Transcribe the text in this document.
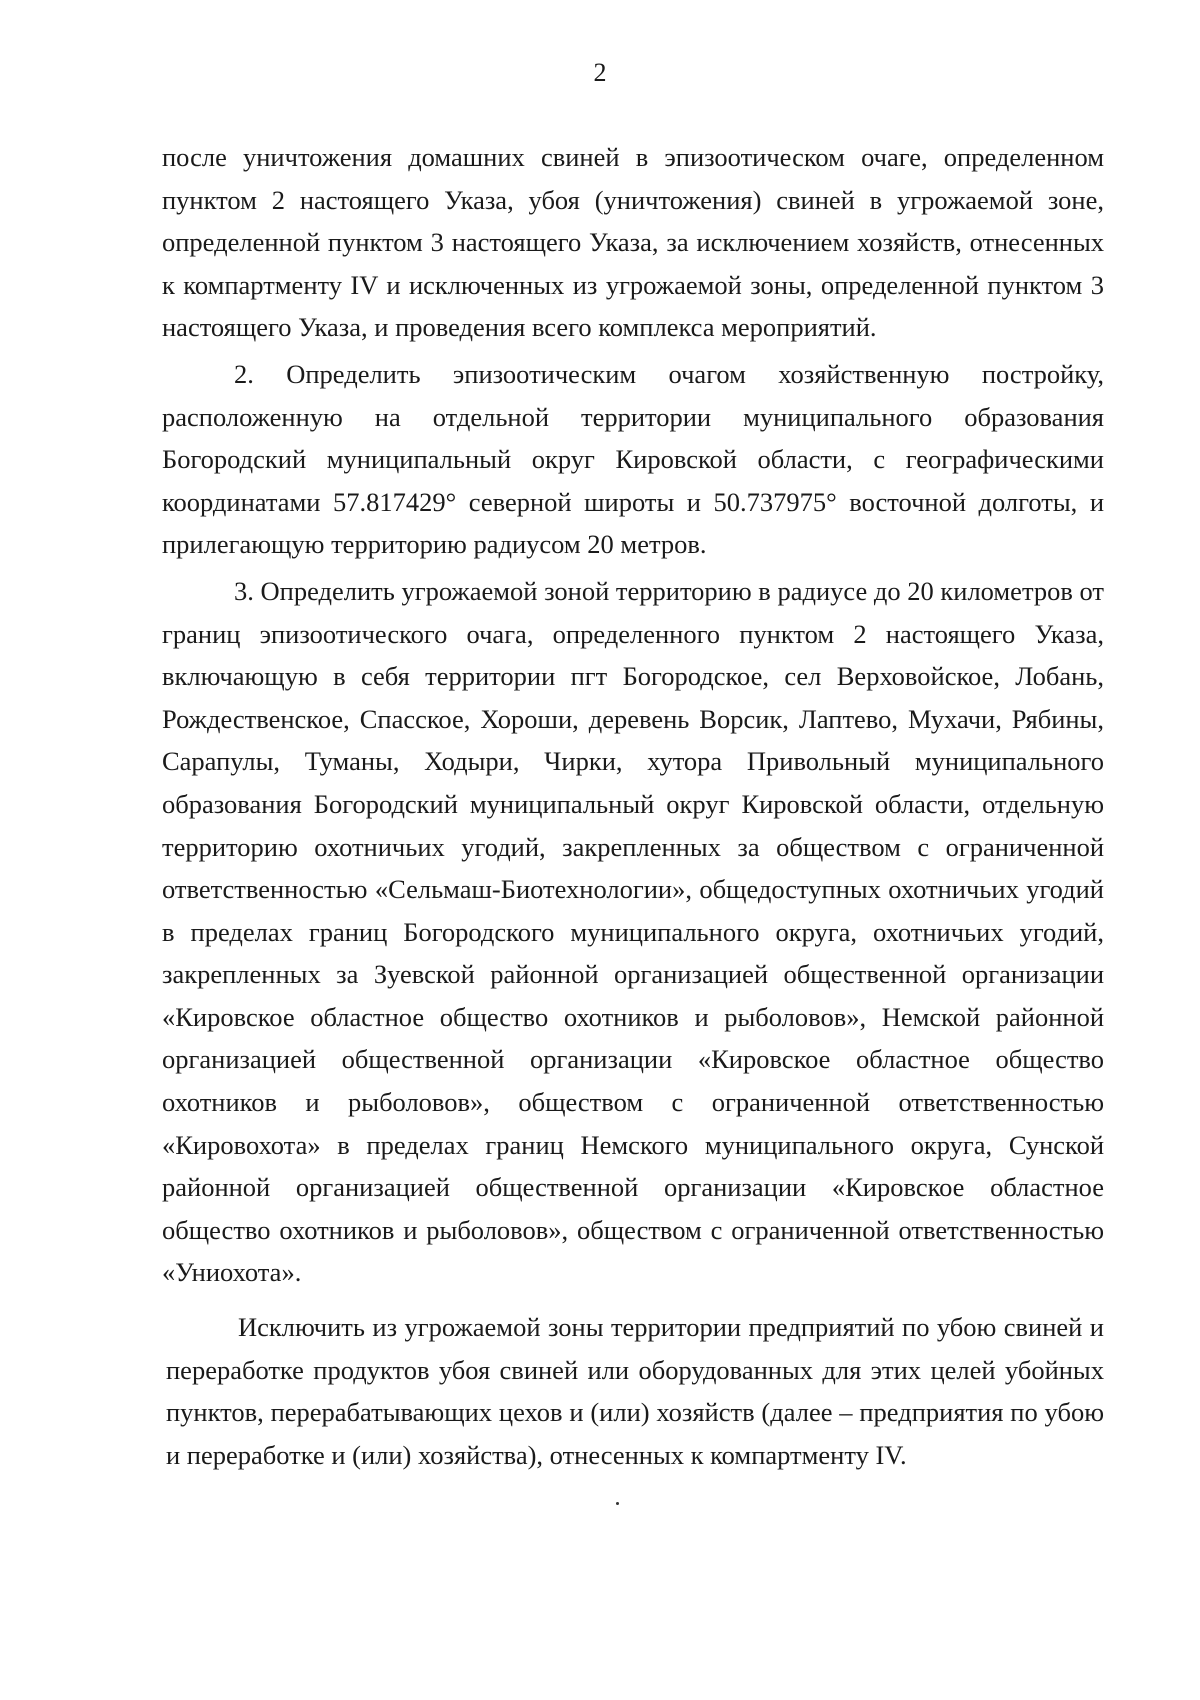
2

после уничтожения домашних свиней в эпизоотическом очаге, определенном пунктом 2 настоящего Указа, убоя (уничтожения) свиней в угрожаемой зоне, определенной пунктом 3 настоящего Указа, за исключением хозяйств, отнесенных к компартменту IV и исключенных из угрожаемой зоны, определенной пунктом 3 настоящего Указа, и проведения всего комплекса мероприятий.

2. Определить эпизоотическим очагом хозяйственную постройку, расположенную на отдельной территории муниципального образования Богородский муниципальный округ Кировской области, с географическими координатами 57.817429° северной широты и 50.737975° восточной долготы, и прилегающую территорию радиусом 20 метров.

3. Определить угрожаемой зоной территорию в радиусе до 20 километров от границ эпизоотического очага, определенного пунктом 2 настоящего Указа, включающую в себя территории пгт Богородское, сел Верховойское, Лобань, Рождественское, Спасское, Хороши, деревень Ворсик, Лаптево, Мухачи, Рябины, Сарапулы, Туманы, Ходыри, Чирки, хутора Привольный муниципального образования Богородский муниципальный округ Кировской области, отдельную территорию охотничьих угодий, закрепленных за обществом с ограниченной ответственностью «Сельмаш-Биотехнологии», общедоступных охотничьих угодий в пределах границ Богородского муниципального округа, охотничьих угодий, закрепленных за Зуевской районной организацией общественной организации «Кировское областное общество охотников и рыболовов», Немской районной организацией общественной организации «Кировское областное общество охотников и рыболовов», обществом с ограниченной ответственностью «Кировохота» в пределах границ Немского муниципального округа, Сунской районной организацией общественной организации «Кировское областное общество охотников и рыболовов», обществом с ограниченной ответственностью «Униохота».

Исключить из угрожаемой зоны территории предприятий по убою свиней и переработке продуктов убоя свиней или оборудованных для этих целей убойных пунктов, перерабатывающих цехов и (или) хозяйств (далее – предприятия по убою и переработке и (или) хозяйства), отнесенных к компартменту IV.
